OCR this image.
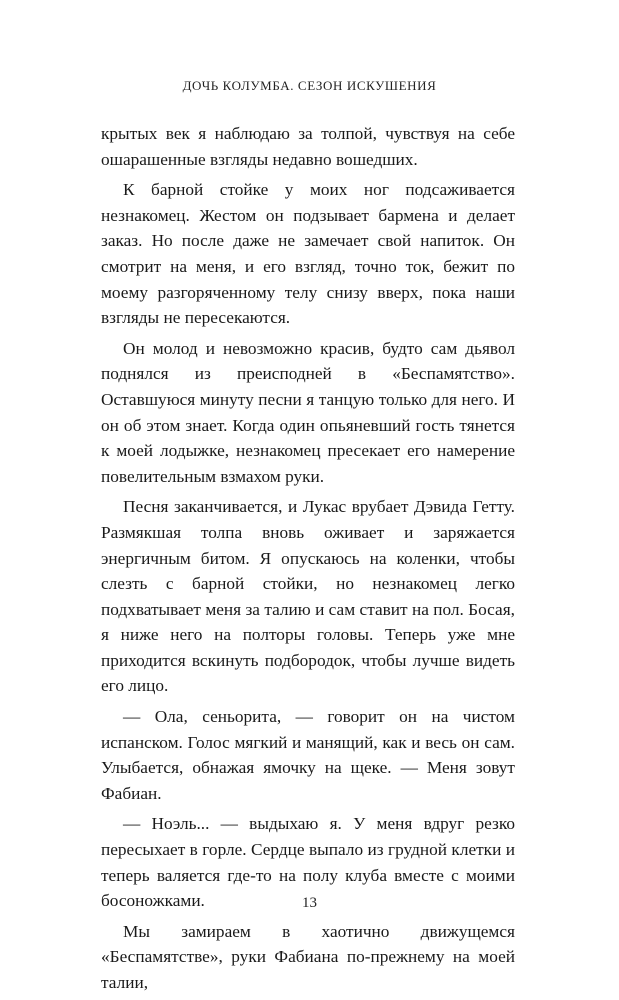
ДОЧЬ КОЛУМБА. СЕЗОН ИСКУШЕНИЯ

крытых век я наблюдаю за толпой, чувствуя на себе ошарашенные взгляды недавно вошедших.

К барной стойке у моих ног подсаживается незнакомец. Жестом он подзывает бармена и делает заказ. Но после даже не замечает свой напиток. Он смотрит на меня, и его взгляд, точно ток, бежит по моему разгоряченному телу снизу вверх, пока наши взгляды не пересекаются.

Он молод и невозможно красив, будто сам дьявол поднялся из преисподней в «Беспамятство». Оставшуюся минуту песни я танцую только для него. И он об этом знает. Когда один опьяневший гость тянется к моей лодыжке, незнакомец пресекает его намерение повелительным взмахом руки.

Песня заканчивается, и Лукас врубает Дэвида Гетту. Размякшая толпа вновь оживает и заряжается энергичным битом. Я опускаюсь на коленки, чтобы слезть с барной стойки, но незнакомец легко подхватывает меня за талию и сам ставит на пол. Босая, я ниже него на полторы головы. Теперь уже мне приходится вскинуть подбородок, чтобы лучше видеть его лицо.

— Ола, сеньорита, — говорит он на чистом испанском. Голос мягкий и манящий, как и весь он сам. Улыбается, обнажая ямочку на щеке. — Меня зовут Фабиан.

— Ноэль... — выдыхаю я. У меня вдруг резко пересыхает в горле. Сердце выпало из грудной клетки и теперь валяется где-то на полу клуба вместе с моими босоножками.

Мы замираем в хаотично движущемся «Беспамятстве», руки Фабиана по-прежнему на моей талии,

13
